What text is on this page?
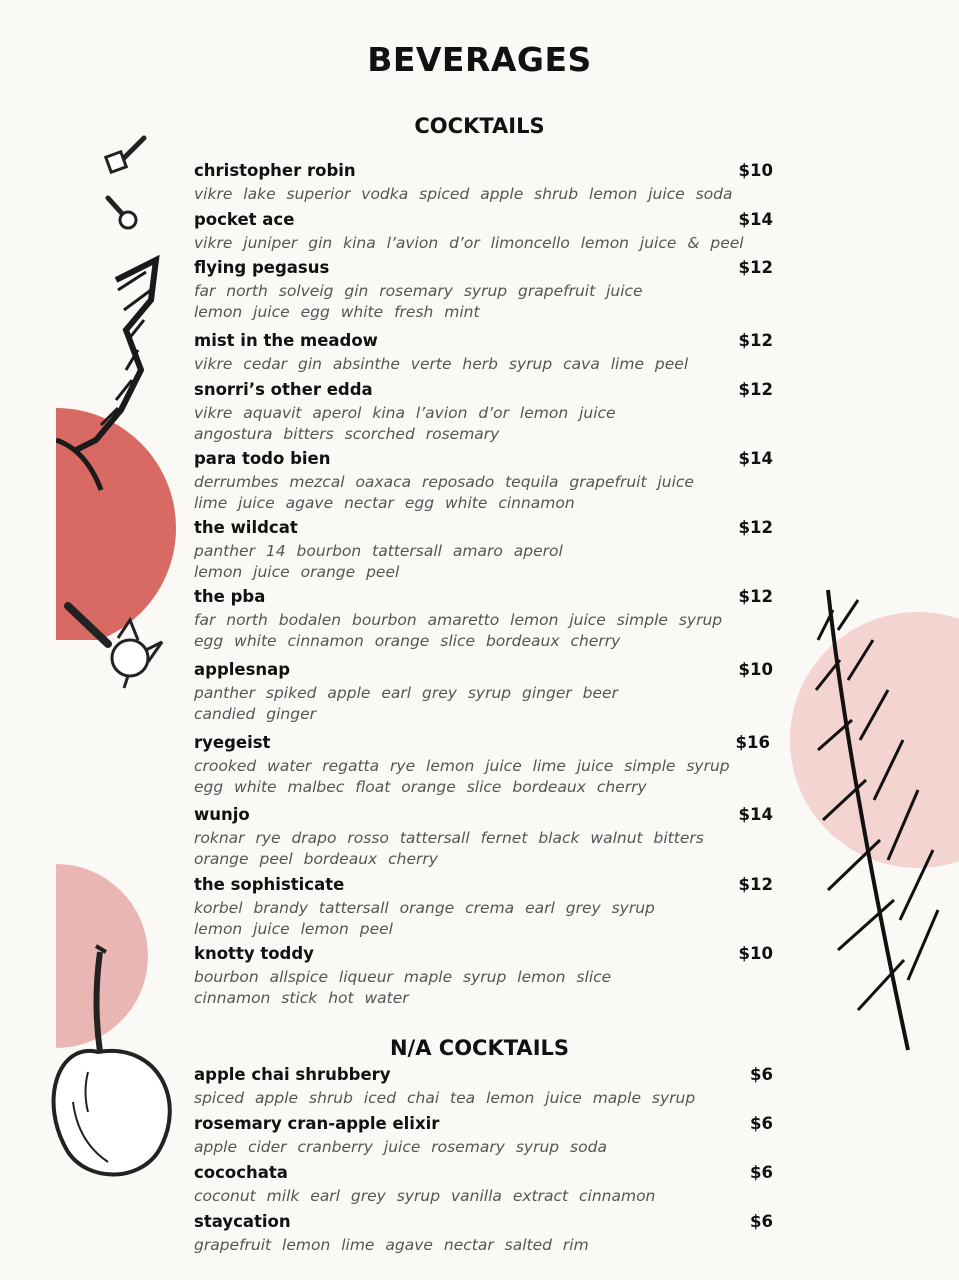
BEVERAGES
COCKTAILS
christopher robin	$10
vikre lake superior vodka spiced apple shrub lemon juice soda
pocket ace	$14
vikre juniper gin kina l’avion d’or limoncello lemon juice & peel
flying pegasus	$12
far north solveig gin rosemary syrup grapefruit juice
lemon juice egg white fresh mint
mist in the meadow	$12
vikre cedar gin absinthe verte herb syrup cava lime peel
snorri’s other edda	$12
vikre aquavit aperol kina l’avion d’or lemon juice
angostura bitters scorched rosemary
para todo bien	$14
derrumbes mezcal oaxaca reposado tequila grapefruit juice
lime juice agave nectar egg white cinnamon
the wildcat	$12
panther 14 bourbon tattersall amaro aperol
lemon juice orange peel
the pba	$12
far north bodalen bourbon amaretto lemon juice simple syrup
egg white cinnamon orange slice bordeaux cherry
applesnap	$10
panther spiked apple earl grey syrup ginger beer
candied ginger
ryegeist	$16
crooked water regatta rye lemon juice lime juice simple syrup
egg white malbec float orange slice bordeaux cherry
wunjo	$14
roknar rye drapo rosso tattersall fernet black walnut bitters
orange peel bordeaux cherry
the sophisticate	$12
korbel brandy tattersall orange crema earl grey syrup
lemon juice lemon peel
knotty toddy	$10
bourbon allspice liqueur maple syrup lemon slice
cinnamon stick hot water
N/A COCKTAILS
apple chai shrubbery	$6
spiced apple shrub iced chai tea lemon juice maple syrup
rosemary cran-apple elixir	$6
apple cider cranberry juice rosemary syrup soda
cocochata	$6
coconut milk earl grey syrup vanilla extract cinnamon
staycation	$6
grapefruit lemon lime agave nectar salted rim
